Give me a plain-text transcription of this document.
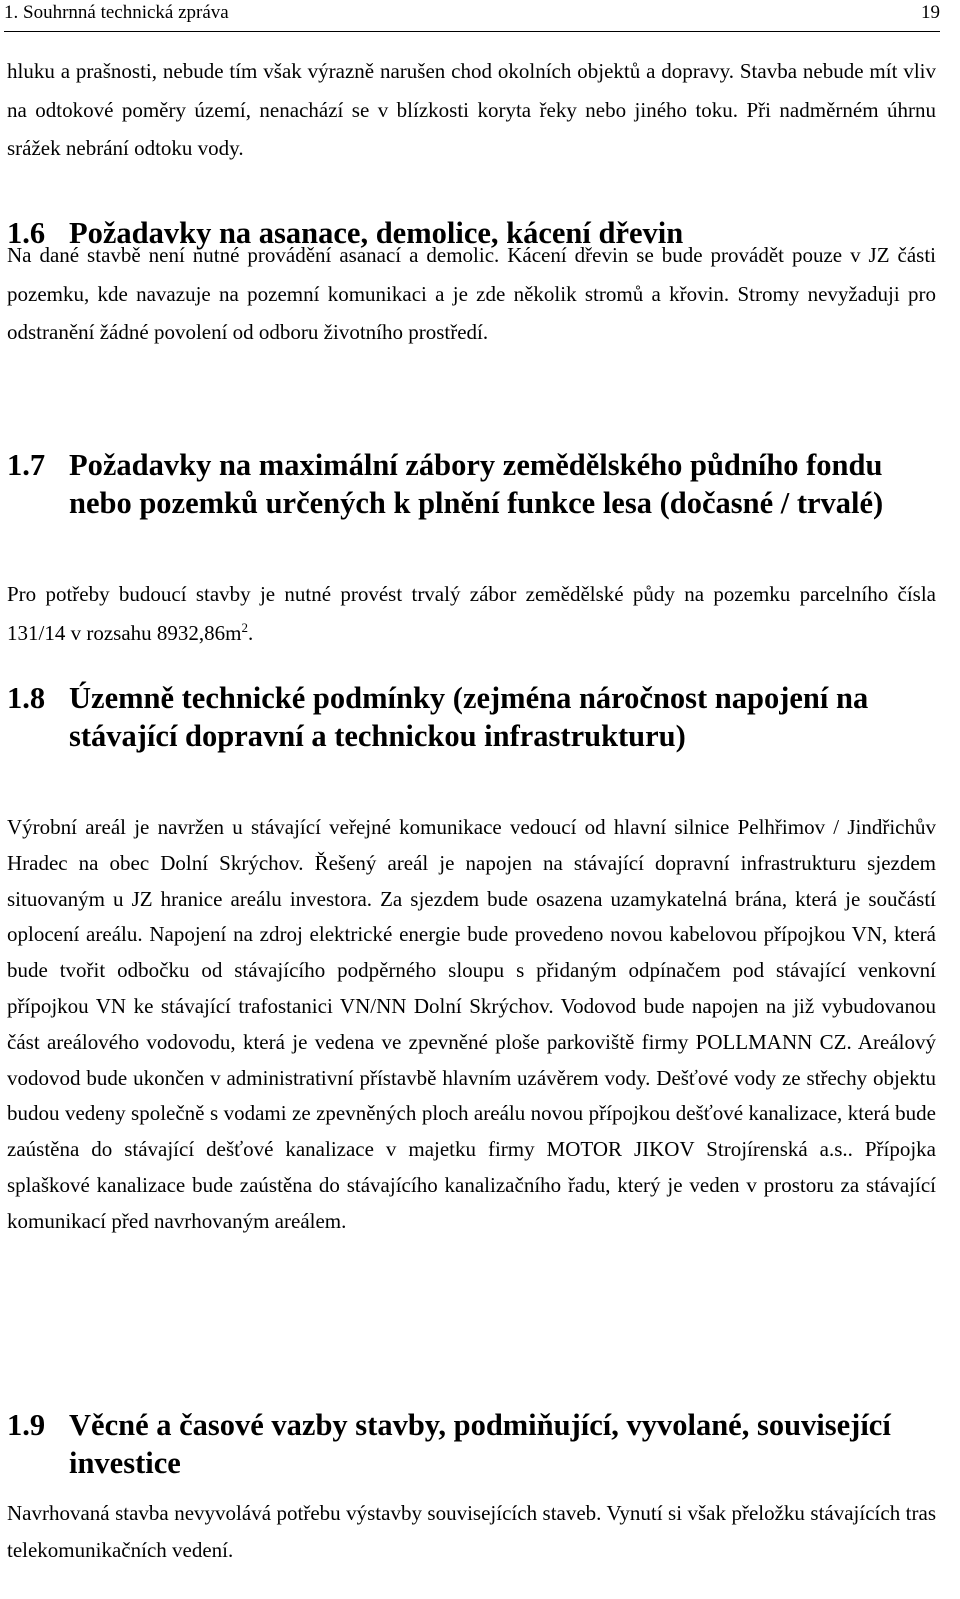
1. Souhrnná technická zpráva	19

hluku a prašnosti, nebude tím však výrazně narušen chod okolních objektů a dopravy. Stavba nebude mít vliv na odtokové poměry území, nenachází se v blízkosti koryta řeky nebo jiného toku. Při nadměrném úhrnu srážek nebrání odtoku vody.

1.6 Požadavky na asanace, demolice, kácení dřevin

Na dané stavbě není nutné provádění asanací a demolic. Kácení dřevin se bude provádět pouze v JZ části pozemku, kde navazuje na pozemní komunikaci a je zde několik stromů a křovin. Stromy nevyžaduji pro odstranění žádné povolení od odboru životního prostředí.

1.7 Požadavky na maximální zábory zemědělského půdního fondu nebo pozemků určených k plnění funkce lesa (dočasné / trvalé)

Pro potřeby budoucí stavby je nutné provést trvalý zábor zemědělské půdy na pozemku parcelního čísla 131/14 v rozsahu $8932,86m^2$.

1.8 Územně technické podmínky (zejména náročnost napojení na stávající dopravní a technickou infrastrukturu)

Výrobní areál je navržen u stávající veřejné komunikace vedoucí od hlavní silnice Pelhřimov / Jindřichův Hradec na obec Dolní Skrýchov. Řešený areál je napojen na stávající dopravní infrastrukturu sjezdem situovaným u JZ hranice areálu investora. Za sjezdem bude osazena uzamykatelná brána, která je součástí oplocení areálu. Napojení na zdroj elektrické energie bude provedeno novou kabelovou přípojkou VN, která bude tvořit odbočku od stávajícího podpěrného sloupu s přidaným odpínačem pod stávající venkovní přípojkou VN ke stávající trafostanici VN/NN Dolní Skrýchov. Vodovod bude napojen na již vybudovanou část areálového vodovodu, která je vedena ve zpevněné ploše parkoviště firmy POLLMANN CZ. Areálový vodovod bude ukončen v administrativní přístavbě hlavním uzávěrem vody. Dešťové vody ze střechy objektu budou vedeny společně s vodami ze zpevněných ploch areálu novou přípojkou dešťové kanalizace, která bude zaústěna do stávající dešťové kanalizace v majetku firmy MOTOR JIKOV Strojírenská a.s.. Přípojka splaškové kanalizace bude zaústěna do stávajícího kanalizačního řadu, který je veden v prostoru za stávající komunikací před navrhovaným areálem.

1.9 Věcné a časové vazby stavby, podmiňující, vyvolané, související investice

Navrhovaná stavba nevyvolává potřebu výstavby souvisejících staveb. Vynutí si však přeložku stávajících tras telekomunikačních vedení.
